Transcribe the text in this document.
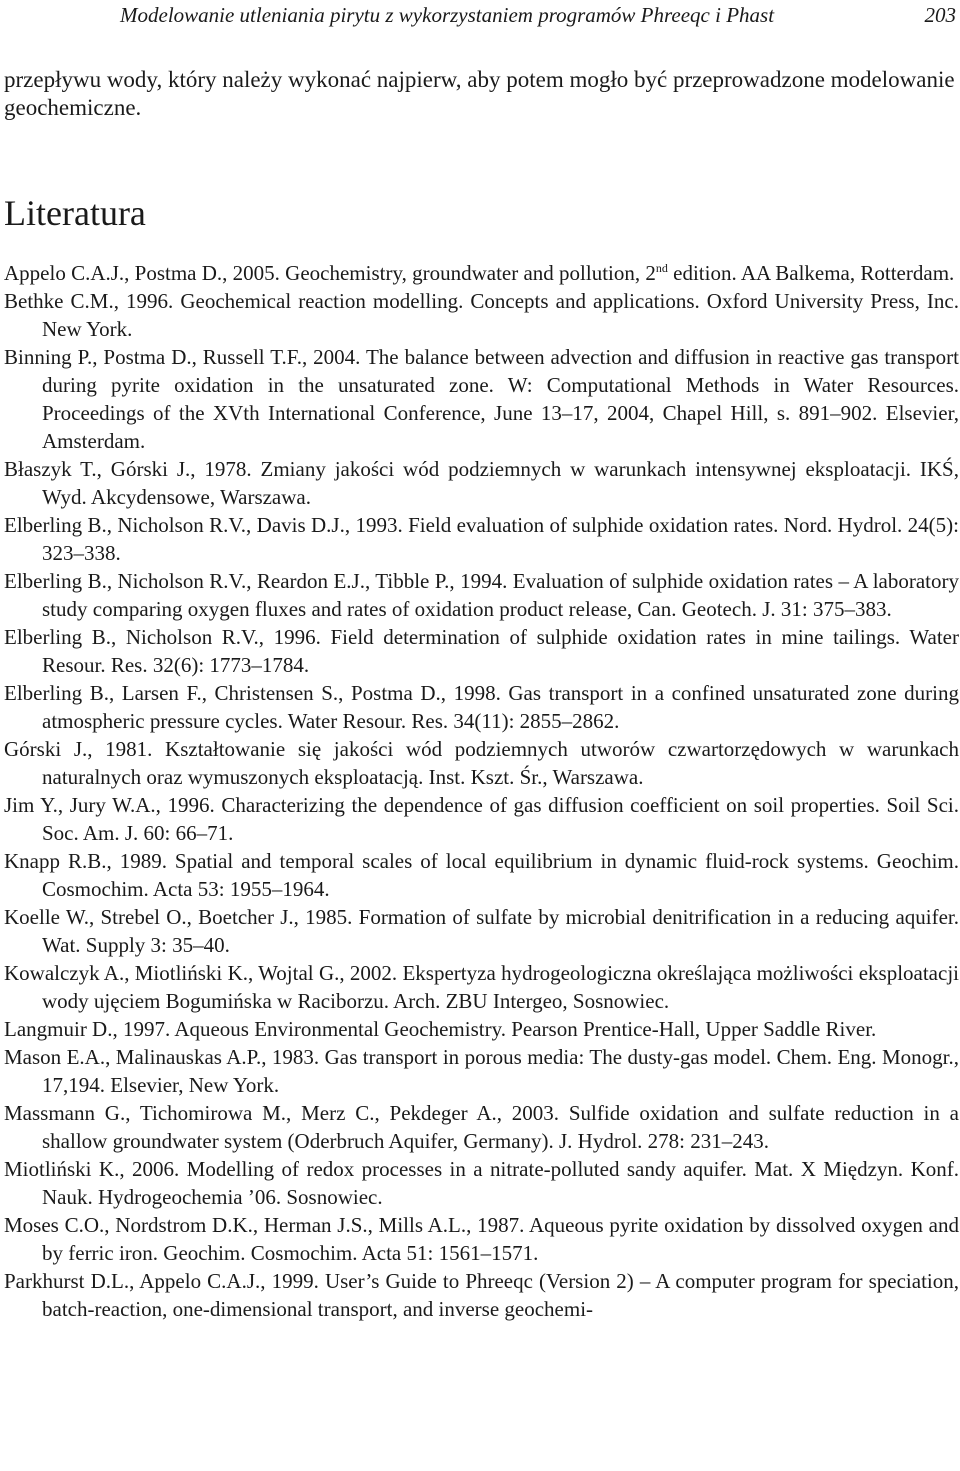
Modelowanie utleniania pirytu z wykorzystaniem programów Phreeqc i Phast	203

przepływu wody, który należy wykonać najpierw, aby potem mogło być przeprowadzone modelowanie geochemiczne.

Literatura
Appelo C.A.J., Postma D., 2005. Geochemistry, groundwater and pollution, 2nd edition. AA Balkema, Rotterdam.
Bethke C.M., 1996. Geochemical reaction modelling. Concepts and applications. Oxford University Press, Inc. New York.
Binning P., Postma D., Russell T.F., 2004. The balance between advection and diffusion in reactive gas transport during pyrite oxidation in the unsaturated zone. W: Computational Methods in Water Resources. Proceedings of the XVth International Conference, June 13–17, 2004, Chapel Hill, s. 891–902. Elsevier, Amsterdam.
Błaszyk T., Górski J., 1978. Zmiany jakości wód podziemnych w warunkach intensywnej eksploatacji. IKŚ, Wyd. Akcydensowe, Warszawa.
Elberling B., Nicholson R.V., Davis D.J., 1993. Field evaluation of sulphide oxidation rates. Nord. Hydrol. 24(5): 323–338.
Elberling B., Nicholson R.V., Reardon E.J., Tibble P., 1994. Evaluation of sulphide oxidation rates – A laboratory study comparing oxygen fluxes and rates of oxidation product release, Can. Geotech. J. 31: 375–383.
Elberling B., Nicholson R.V., 1996. Field determination of sulphide oxidation rates in mine tailings. Water Resour. Res. 32(6): 1773–1784.
Elberling B., Larsen F., Christensen S., Postma D., 1998. Gas transport in a confined unsaturated zone during atmospheric pressure cycles. Water Resour. Res. 34(11): 2855–2862.
Górski J., 1981. Kształtowanie się jakości wód podziemnych utworów czwartorzędowych w warunkach naturalnych oraz wymuszonych eksploatacją. Inst. Kszt. Śr., Warszawa.
Jim Y., Jury W.A., 1996. Characterizing the dependence of gas diffusion coefficient on soil properties. Soil Sci. Soc. Am. J. 60: 66–71.
Knapp R.B., 1989. Spatial and temporal scales of local equilibrium in dynamic fluid-rock systems. Geochim. Cosmochim. Acta 53: 1955–1964.
Koelle W., Strebel O., Boetcher J., 1985. Formation of sulfate by microbial denitrification in a reducing aquifer. Wat. Supply 3: 35–40.
Kowalczyk A., Miotliński K., Wojtal G., 2002. Ekspertyza hydrogeologiczna określająca możliwości eksploatacji wody ujęciem Bogumińska w Raciborzu. Arch. ZBU Intergeo, Sosnowiec.
Langmuir D., 1997. Aqueous Environmental Geochemistry. Pearson Prentice-Hall, Upper Saddle River.
Mason E.A., Malinauskas A.P., 1983. Gas transport in porous media: The dusty-gas model. Chem. Eng. Monogr., 17,194. Elsevier, New York.
Massmann G., Tichomirowa M., Merz C., Pekdeger A., 2003. Sulfide oxidation and sulfate reduction in a shallow groundwater system (Oderbruch Aquifer, Germany). J. Hydrol. 278: 231–243.
Miotliński K., 2006. Modelling of redox processes in a nitrate-polluted sandy aquifer. Mat. X Międzyn. Konf. Nauk. Hydrogeochemia ’06. Sosnowiec.
Moses C.O., Nordstrom D.K., Herman J.S., Mills A.L., 1987. Aqueous pyrite oxidation by dissolved oxygen and by ferric iron. Geochim. Cosmochim. Acta 51: 1561–1571.
Parkhurst D.L., Appelo C.A.J., 1999. User’s Guide to Phreeqc (Version 2) – A computer program for speciation, batch-reaction, one-dimensional transport, and inverse geochemi-
